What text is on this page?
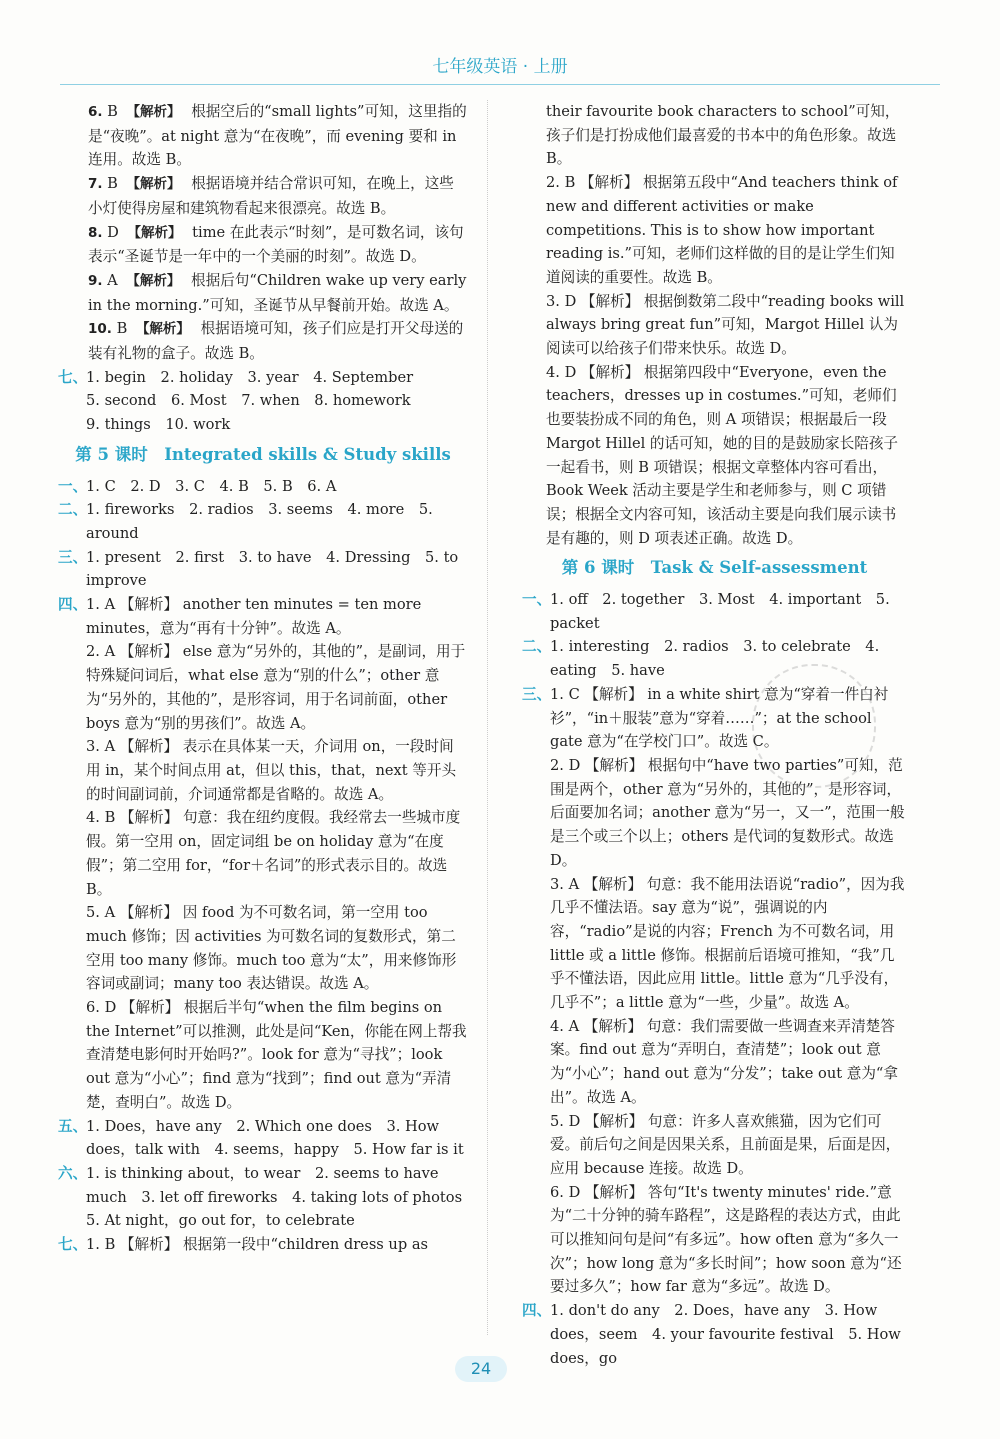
七年级英语 · 上册
6. B 【解析】 根据空后的“small lights”可知，这里指的是“夜晚”。at night 意为“在夜晚”，而 evening 要和 in 连用。故选 B。
7. B 【解析】 根据语境并结合常识可知，在晚上，这些小灯使得房屋和建筑物看起来很漂亮。故选 B。
8. D 【解析】 time 在此表示“时刻”，是可数名词，该句表示“圣诞节是一年中的一个美丽的时刻”。故选 D。
9. A 【解析】 根据后句“Children wake up very early in the morning.”可知，圣诞节从早餐前开始。故选 A。
10. B 【解析】 根据语境可知，孩子们应是打开父母送的装有礼物的盒子。故选 B。
七、
1. begin　2. holiday　3. year　4. September
5. second　6. Most　7. when　8. homework
9. things　10. work
第 5 课时　Integrated skills & Study skills
一、
1. C　2. D　3. C　4. B　5. B　6. A
二、
1. fireworks　2. radios　3. seems　4. more　5. around
三、
1. present　2. first　3. to have　4. Dressing　5. to improve
四、
1. A 【解析】 another ten minutes = ten more minutes，意为“再有十分钟”。故选 A。
2. A 【解析】 else 意为“另外的，其他的”，是副词，用于特殊疑问词后，what else 意为“别的什么”；other 意为“另外的，其他的”，是形容词，用于名词前面，other boys 意为“别的男孩们”。故选 A。
3. A 【解析】 表示在具体某一天，介词用 on，一段时间用 in，某个时间点用 at，但以 this，that，next 等开头的时间副词前，介词通常都是省略的。故选 A。
4. B 【解析】 句意：我在纽约度假。我经常去一些城市度假。第一空用 on，固定词组 be on holiday 意为“在度假”；第二空用 for，“for＋名词”的形式表示目的。故选 B。
5. A 【解析】 因 food 为不可数名词，第一空用 too much 修饰；因 activities 为可数名词的复数形式，第二空用 too many 修饰。much too 意为“太”，用来修饰形容词或副词；many too 表达错误。故选 A。
6. D 【解析】 根据后半句“when the film begins on the Internet”可以推测，此处是问“Ken，你能在网上帮我查清楚电影何时开始吗?”。look for 意为“寻找”；look out 意为“小心”；find 意为“找到”；find out 意为“弄清楚，查明白”。故选 D。
五、
1. Does，have any　2. Which one does　3. How does，talk with　4. seems，happy　5. How far is it
六、
1. is thinking about，to wear　2. seems to have much　3. let off fireworks　4. taking lots of photos　5. At night，go out for，to celebrate
七、
1. B 【解析】 根据第一段中“children dress up as
their favourite book characters to school”可知，孩子们是打扮成他们最喜爱的书本中的角色形象。故选 B。
2. B 【解析】 根据第五段中“And teachers think of new and different activities or make competitions. This is to show how important reading is.”可知，老师们这样做的目的是让学生们知道阅读的重要性。故选 B。
3. D 【解析】 根据倒数第二段中“reading books will always bring great fun”可知，Margot Hillel 认为阅读可以给孩子们带来快乐。故选 D。
4. D 【解析】 根据第四段中“Everyone，even the teachers，dresses up in costumes.”可知，老师们也要装扮成不同的角色，则 A 项错误；根据最后一段 Margot Hillel 的话可知，她的目的是鼓励家长陪孩子一起看书，则 B 项错误；根据文章整体内容可看出，Book Week 活动主要是学生和老师参与，则 C 项错误；根据全文内容可知，该活动主要是向我们展示读书是有趣的，则 D 项表述正确。故选 D。
第 6 课时　Task & Self-assessment
一、
1. off　2. together　3. Most　4. important　5. packet
二、
1. interesting　2. radios　3. to celebrate　4. eating　5. have
三、
1. C 【解析】 in a white shirt 意为“穿着一件白衬衫”，“in＋服装”意为“穿着……”；at the school gate 意为“在学校门口”。故选 C。
2. D 【解析】 根据句中“have two parties”可知，范围是两个，other 意为“另外的，其他的”，是形容词，后面要加名词；another 意为“另一，又一”，范围一般是三个或三个以上；others 是代词的复数形式。故选 D。
3. A 【解析】 句意：我不能用法语说“radio”，因为我几乎不懂法语。say 意为“说”，强调说的内容，“radio”是说的内容；French 为不可数名词，用 little 或 a little 修饰。根据前后语境可推知，“我”几乎不懂法语，因此应用 little。little 意为“几乎没有，几乎不”；a little 意为“一些，少量”。故选 A。
4. A 【解析】 句意：我们需要做一些调查来弄清楚答案。find out 意为“弄明白，查清楚”；look out 意为“小心”；hand out 意为“分发”；take out 意为“拿出”。故选 A。
5. D 【解析】 句意：许多人喜欢熊猫，因为它们可爱。前后句之间是因果关系，且前面是果，后面是因，应用 because 连接。故选 D。
6. D 【解析】 答句“It's twenty minutes' ride.”意为“二十分钟的骑车路程”，这是路程的表达方式，由此可以推知问句是问“有多远”。how often 意为“多久一次”；how long 意为“多长时间”；how soon 意为“还要过多久”；how far 意为“多远”。故选 D。
四、
1. don't do any　2. Does，have any　3. How does，seem　4. your favourite festival　5. How does，go
24
